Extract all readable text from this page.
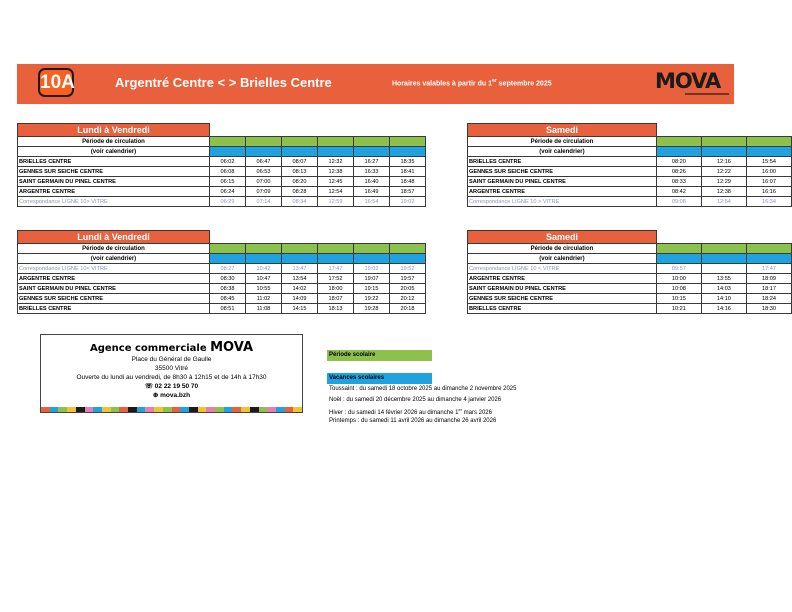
10A	Argentré Centre < > Brielles Centre	Horaires valables à partir du 1er septembre 2025	MOVA
Lundi à Vendredi						
Période de circulation						
(voir calendrier)						
BRIELLES CENTRE	06:02	06:47	08:07	12:32	16:27	18:35
GENNES SUR SEICHE CENTRE	06:08	06:53	08:13	12:38	16:33	18:41
SAINT GERMAIN DU PINEL CENTRE	06:15	07:00	08:20	12:45	16:40	18:48
ARGENTRE CENTRE	06:24	07:09	08:28	12:54	16:49	18:57
Correspondance LIGNE 10> VITRE	06:29	07:14	08:34	12:59	16:54	19:02
Samedi			
Période de circulation			
(voir calendrier)			
BRIELLES CENTRE	08:20	12:16	15:54
GENNES SUR SEICHE CENTRE	08:26	12:22	16:00
SAINT GERMAIN DU PINEL CENTRE	08:33	12:29	16:07
ARGENTRE CENTRE	08:42	12:38	16:16
Correspondance LIGNE 10 > VITRE	09:08	12:54	16:34
Lundi à Vendredi						
Période de circulation						
(voir calendrier)						
Correspondance LIGNE 10< VITRE	08:27	10:42	13:47	17:47	19:02	19:52
ARGENTRE CENTRE	08:30	10:47	13:54	17:52	19:07	19:57
SAINT GERMAIN DU PINEL CENTRE	08:38	10:55	14:02	18:00	19:15	20:05
GENNES SUR SEICHE CENTRE	08:45	11:02	14:09	18:07	19:22	20:12
BRIELLES CENTRE	08:51	11:08	14:15	18:13	19:28	20:18
Samedi			
Période de circulation			
(voir calendrier)			
Correspondance LIGNE 10 < VITRE	09:57		17:47
ARGENTRE CENTRE	10:00	13:55	18:09
SAINT GERMAIN DU PINEL CENTRE	10:08	14:03	18:17
GENNES SUR SEICHE CENTRE	10:15	14:10	18:24
BRIELLES CENTRE	10:21	14:16	18:30
Agence commerciale MOVA
Place du Général de Gaulle
35500 Vitré
Ouverte du lundi au vendredi, de 8h30 à 12h15 et de 14h à 17h30
☏ 02 22 19 50 70
⊕ mova.bzh
Période scolaire
Vacances scolaires
Toussaint : du samedi 18 octobre 2025 au dimanche 2 novembre 2025
Noël : du samedi 20 décembre 2025 au dimanche 4 janvier 2026
Hiver : du samedi 14 février 2026 au dimanche 1er mars 2026
Printemps : du samedi 11 avril 2026 au dimanche 26 avril 2026
